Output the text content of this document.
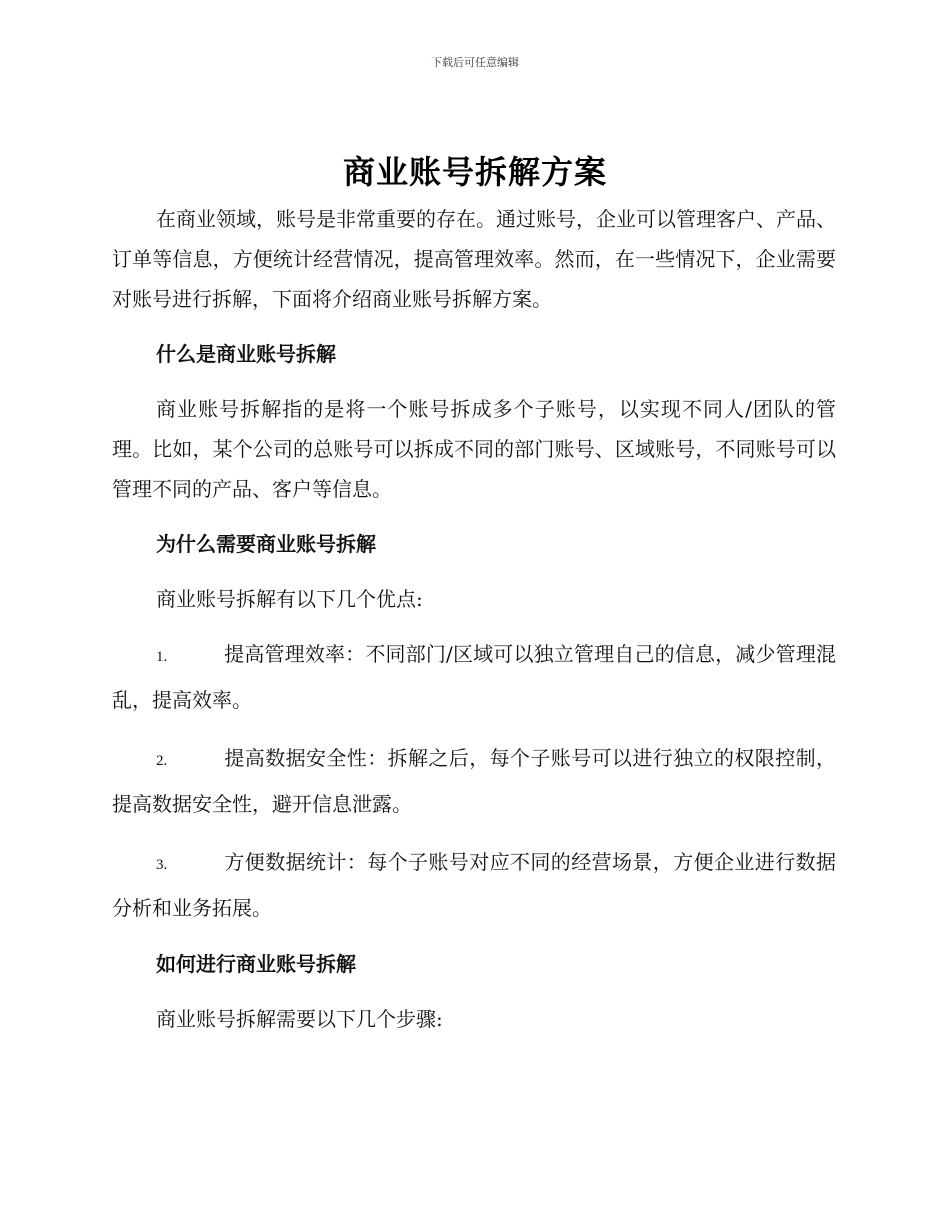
下载后可任意编辑
商业账号拆解方案

在商业领域，账号是非常重要的存在。通过账号，企业可以管理客户、产品、订单等信息，方便统计经营情况，提高管理效率。然而，在一些情况下，企业需要对账号进行拆解，下面将介绍商业账号拆解方案。

什么是商业账号拆解

商业账号拆解指的是将一个账号拆成多个子账号，以实现不同人/团队的管理。比如，某个公司的总账号可以拆成不同的部门账号、区域账号，不同账号可以管理不同的产品、客户等信息。

为什么需要商业账号拆解

商业账号拆解有以下几个优点:

1.	提高管理效率：不同部门/区域可以独立管理自己的信息，减少管理混乱，提高效率。

2.	提高数据安全性：拆解之后，每个子账号可以进行独立的权限控制，提高数据安全性，避开信息泄露。

3.	方便数据统计：每个子账号对应不同的经营场景，方便企业进行数据分析和业务拓展。

如何进行商业账号拆解

商业账号拆解需要以下几个步骤:
